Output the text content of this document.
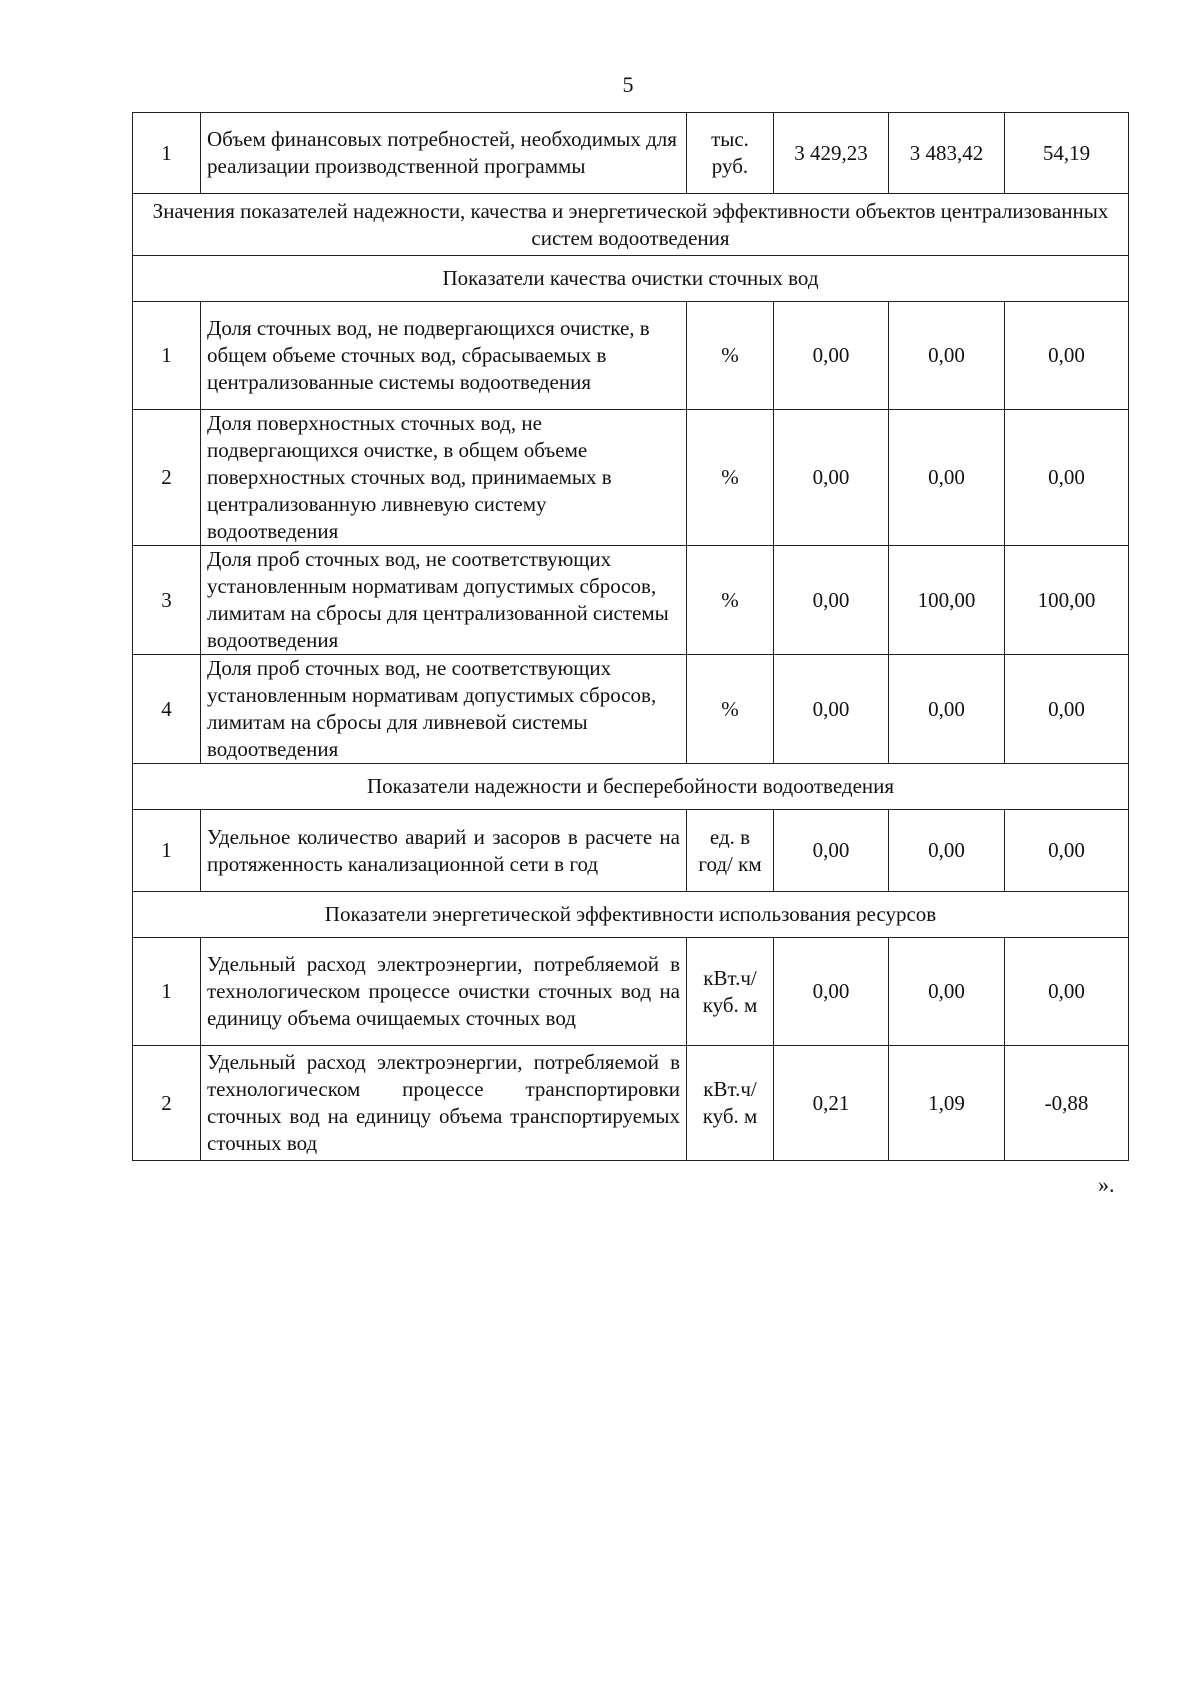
5
1	Объем финансовых потребностей, необходимых для реализации производственной программы	тыс. руб.	3 429,23	3 483,42	54,19
Значения показателей надежности, качества и энергетической эффективности объектов централизованных систем водоотведения					
Показатели качества очистки сточных вод					
1	Доля сточных вод, не подвергающихся очистке, в общем объеме сточных вод, сбрасываемых в централизованные системы водоотведения	%	0,00	0,00	0,00
2	Доля поверхностных сточных вод, не подвергающихся очистке, в общем объеме поверхностных сточных вод, принимаемых в централизованную ливневую систему водоотведения	%	0,00	0,00	0,00
3	Доля проб сточных вод, не соответствующих установленным нормативам допустимых сбросов, лимитам на сбросы для централизованной системы водоотведения	%	0,00	100,00	100,00
4	Доля проб сточных вод, не соответствующих установленным нормативам допустимых сбросов, лимитам на сбросы для ливневой системы водоотведения	%	0,00	0,00	0,00
Показатели надежности и бесперебойности водоотведения					
1	Удельное количество аварий и засоров в расчете на протяженность канализационной сети в год	ед. в год/ км	0,00	0,00	0,00
Показатели энергетической эффективности использования ресурсов					
1	Удельный расход электроэнергии, потребляемой в технологическом процессе очистки сточных вод на единицу объема очищаемых сточных вод	кВт.ч/ куб. м	0,00	0,00	0,00
2	Удельный расход электроэнергии, потребляемой в технологическом процессе транспортировки сточных вод на единицу объема транспортируемых сточных вод	кВт.ч/ куб. м	0,21	1,09	-0,88
».
